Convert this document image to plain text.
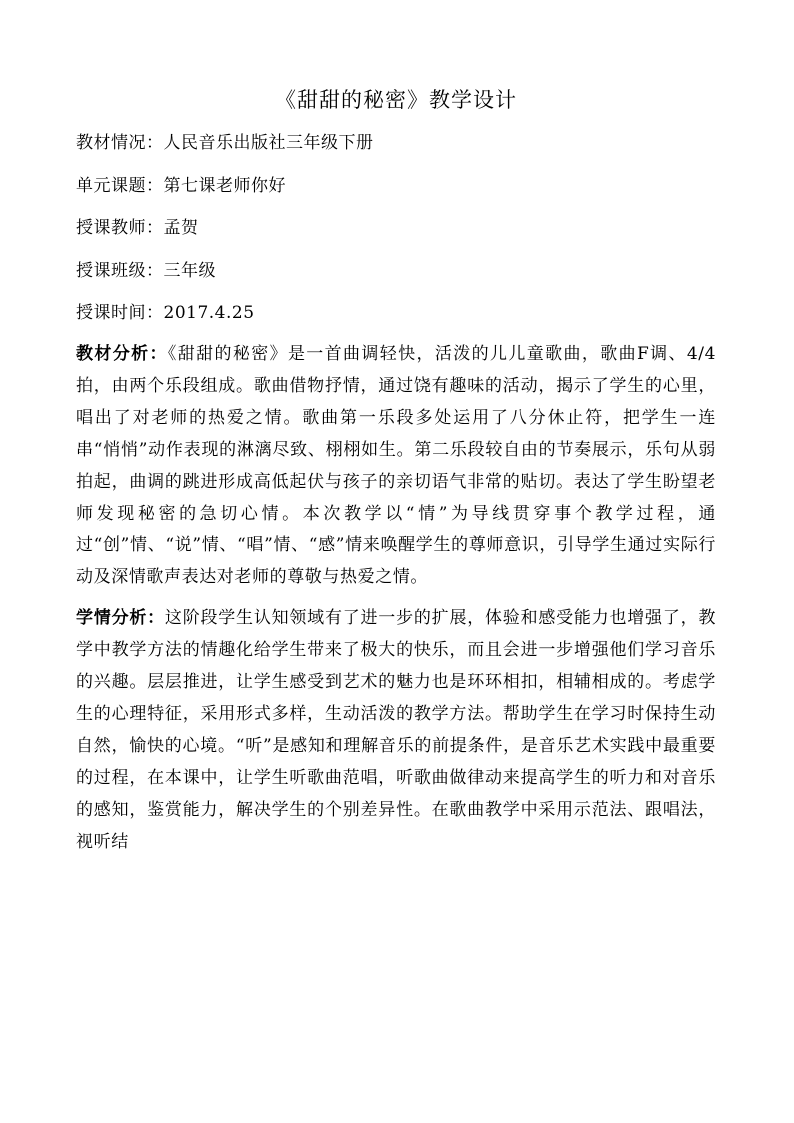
《甜甜的秘密》教学设计
教材情况：人民音乐出版社三年级下册
单元课题：第七课老师你好
授课教师：孟贺
授课班级：三年级
授课时间：2017.4.25

教材分析：《甜甜的秘密》是一首曲调轻快，活泼的儿儿童歌曲，歌曲F调、4/4拍，由两个乐段组成。歌曲借物抒情，通过饶有趣味的活动，揭示了学生的心里，唱出了对老师的热爱之情。歌曲第一乐段多处运用了八分休止符，把学生一连串“悄悄”动作表现的淋漓尽致、栩栩如生。第二乐段较自由的节奏展示，乐句从弱拍起，曲调的跳进形成高低起伏与孩子的亲切语气非常的贴切。表达了学生盼望老师发现秘密的急切心情。本次教学以“情”为导线贯穿事个教学过程，通过“创”情、“说”情、“唱”情、“感”情来唤醒学生的尊师意识，引导学生通过实际行动及深情歌声表达对老师的尊敬与热爱之情。

学情分析：这阶段学生认知领域有了进一步的扩展，体验和感受能力也增强了，教学中教学方法的情趣化给学生带来了极大的快乐，而且会进一步增强他们学习音乐的兴趣。层层推进，让学生感受到艺术的魅力也是环环相扣，相辅相成的。考虑学生的心理特征，采用形式多样，生动活泼的教学方法。帮助学生在学习时保持生动自然，愉快的心境。“听”是感知和理解音乐的前提条件，是音乐艺术实践中最重要的过程，在本课中，让学生听歌曲范唱，听歌曲做律动来提高学生的听力和对音乐的感知，鉴赏能力，解决学生的个别差异性。在歌曲教学中采用示范法、跟唱法，视听结
